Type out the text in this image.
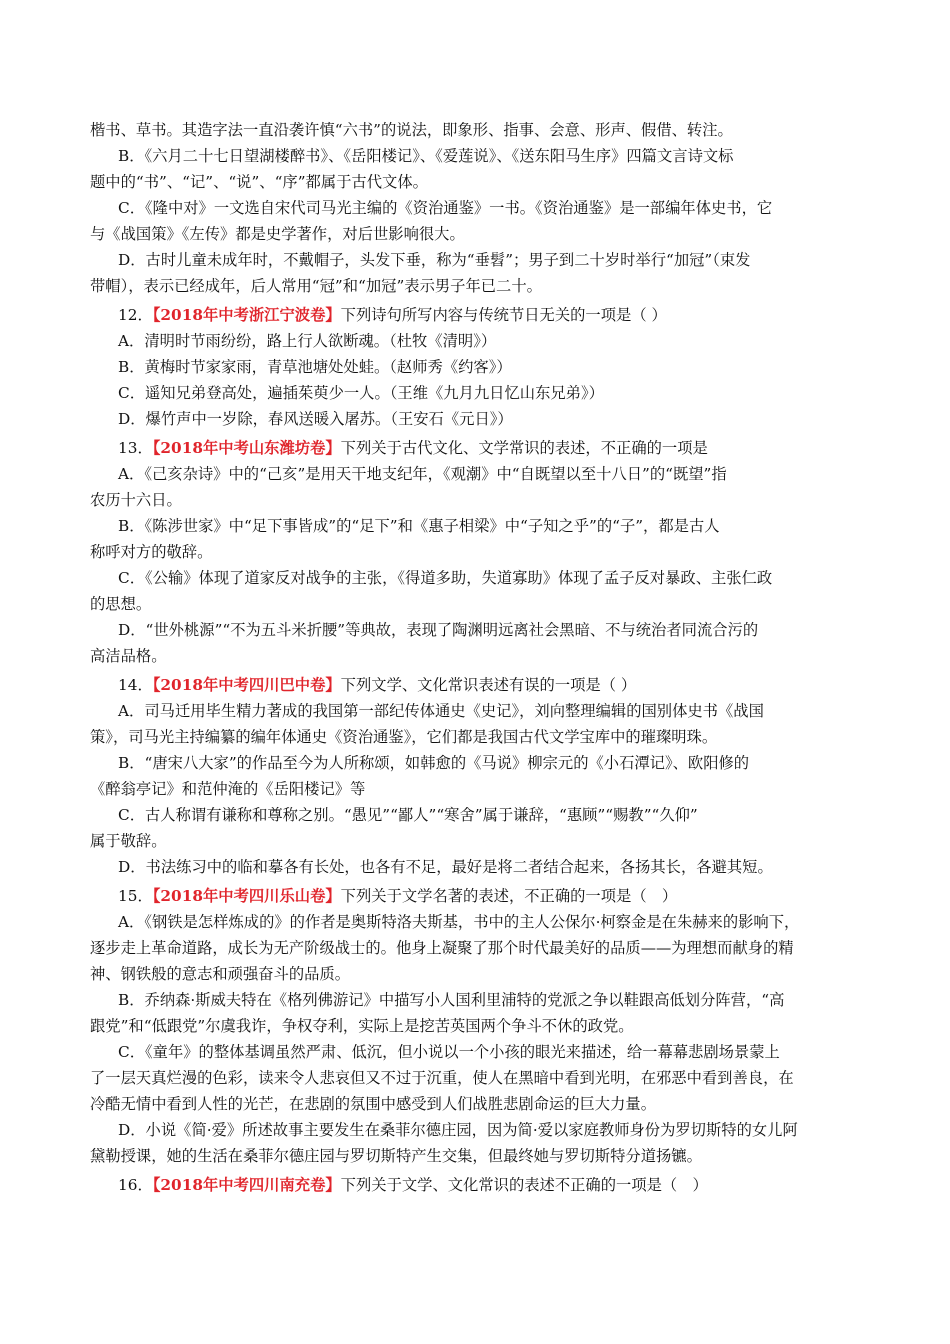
楷书、草书。其造字法一直沿袭许慎“六书”的说法，即象形、指事、会意、形声、假借、转注。
B．《六月二十七日望湖楼醉书》、《岳阳楼记》、《爱莲说》、《送东阳马生序》四篇文言诗文标
题中的“书”、“记”、“说”、“序”都属于古代文体。
C．《隆中对》一文选自宋代司马光主编的《资治通鉴》一书。《资治通鉴》是一部编年体史书，它
与《战国策》《左传》都是史学著作，对后世影响很大。
D．古时儿童未成年时，不戴帽子，头发下垂，称为“垂髫”；男子到二十岁时举行“加冠”（束发
带帽），表示已经成年，后人常用“冠”和“加冠”表示男子年已二十。
12．【2018年中考浙江宁波卷】下列诗句所写内容与传统节日无关的一项是（ ）
A．清明时节雨纷纷，路上行人欲断魂。（杜牧《清明》）
B．黄梅时节家家雨，青草池塘处处蛙。（赵师秀《约客》）
C．遥知兄弟登高处，遍插茱萸少一人。（王维《九月九日忆山东兄弟》）
D．爆竹声中一岁除，春风送暖入屠苏。（王安石《元日》）
13．【2018年中考山东潍坊卷】下列关于古代文化、文学常识的表述，不正确的一项是
A．《己亥杂诗》中的“己亥”是用天干地支纪年，《观潮》中“自既望以至十八日”的“既望”指
农历十六日。
B．《陈涉世家》中“足下事皆成”的“足下”和《惠子相梁》中“子知之乎”的“子”，都是古人
称呼对方的敬辞。
C．《公输》体现了道家反对战争的主张，《得道多助，失道寡助》体现了孟子反对暴政、主张仁政
的思想。
D．“世外桃源”“不为五斗米折腰”等典故，表现了陶渊明远离社会黑暗、不与统治者同流合污的
高洁品格。
14．【2018年中考四川巴中卷】下列文学、文化常识表述有误的一项是（ ）
A．司马迁用毕生精力著成的我国第一部纪传体通史《史记》，刘向整理编辑的国别体史书《战国
策》，司马光主持编纂的编年体通史《资治通鉴》，它们都是我国古代文学宝库中的璀璨明珠。
B．“唐宋八大家”的作品至今为人所称颂，如韩愈的《马说》柳宗元的《小石潭记》、欧阳修的
《醉翁亭记》和范仲淹的《岳阳楼记》等
C．古人称谓有谦称和尊称之别。“愚见”“鄙人”“寒舍”属于谦辞，“惠顾”“赐教”“久仰”
属于敬辞。
D．书法练习中的临和摹各有长处，也各有不足，最好是将二者结合起来，各扬其长，各避其短。
15．【2018年中考四川乐山卷】下列关于文学名著的表述，不正确的一项是（　）
A．《钢铁是怎样炼成的》的作者是奥斯特洛夫斯基，书中的主人公保尔·柯察金是在朱赫来的影响下，
逐步走上革命道路，成长为无产阶级战士的。他身上凝聚了那个时代最美好的品质——为理想而献身的精
神、钢铁般的意志和顽强奋斗的品质。
B．乔纳森·斯威夫特在《格列佛游记》中描写小人国利里浦特的党派之争以鞋跟高低划分阵营，“高
跟党”和“低跟党”尔虞我诈，争权夺利，实际上是挖苦英国两个争斗不休的政党。
C．《童年》的整体基调虽然严肃、低沉，但小说以一个小孩的眼光来描述，给一幕幕悲剧场景蒙上
了一层天真烂漫的色彩，读来令人悲哀但又不过于沉重，使人在黑暗中看到光明，在邪恶中看到善良，在
冷酷无情中看到人性的光芒，在悲剧的氛围中感受到人们战胜悲剧命运的巨大力量。
D．小说《简·爱》所述故事主要发生在桑菲尔德庄园，因为简·爱以家庭教师身份为罗切斯特的女儿阿
黛勒授课，她的生活在桑菲尔德庄园与罗切斯特产生交集，但最终她与罗切斯特分道扬镳。
16．【2018年中考四川南充卷】下列关于文学、文化常识的表述不正确的一项是（　）
